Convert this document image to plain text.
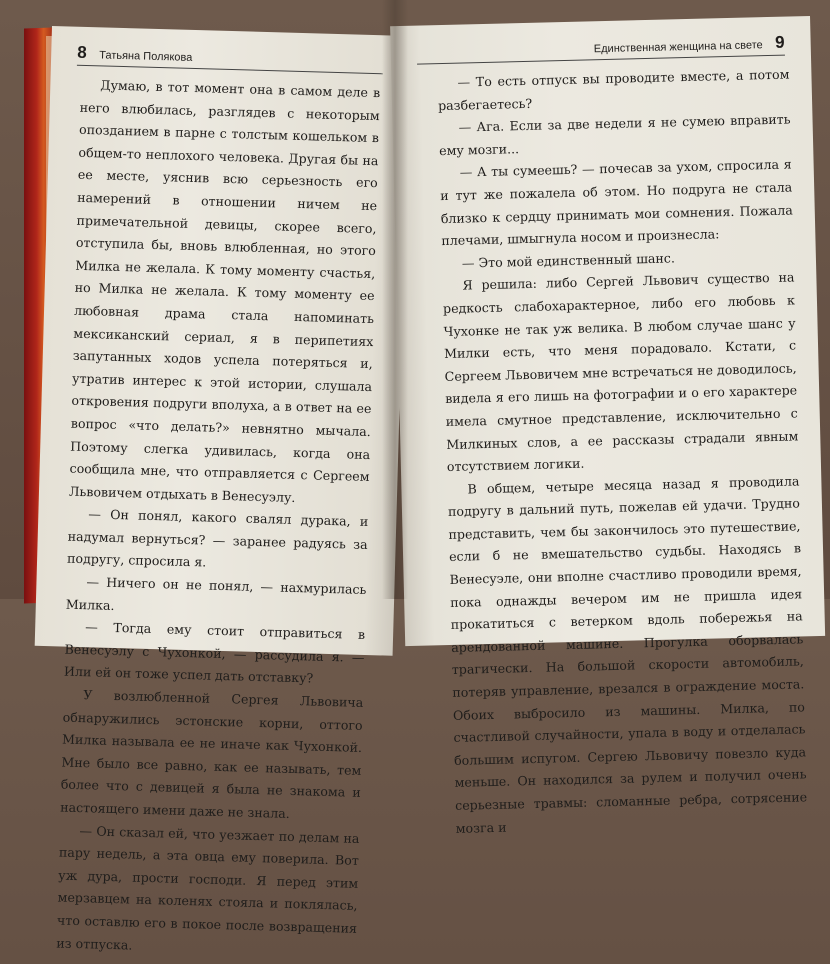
8 Татьяна Полякова

Думаю, в тот момент она в самом деле в него влюбилась, разглядев с некоторым опозданием в парне с толстым кошельком в общем-то неплохого человека. Другая бы на ее месте, уяснив всю серьезность его намерений в отношении ничем не примечательной девицы, скорее всего, отступила бы, вновь влюбленная, но этого Милка не желала. К тому моменту счастья, но Милка не желала. К тому моменту ее любовная драма стала напоминать мексиканский сериал, я в перипетиях запутанных ходов успела потеряться и, утратив интерес к этой истории, слушала откровения подруги вполуха, а в ответ на ее вопрос «что делать?» невнятно мычала. Поэтому слегка удивилась, когда она сообщила мне, что отправляется с Сергеем Львовичем отдыхать в Венесуэлу.

— Он понял, какого свалял дурака, и надумал вернуться? — заранее радуясь за подругу, спросила я.

— Ничего он не понял, — нахмурилась Милка.

— Тогда ему стоит отправиться в Венесуэлу с Чухонкой, — рассудила я. — Или ей он тоже успел дать отставку?

У возлюбленной Сергея Львовича обнаружились эстонские корни, оттого Милка называла ее не иначе как Чухонкой. Мне было все равно, как ее называть, тем более что с девицей я была не знакома и настоящего имени даже не знала.

— Он сказал ей, что уезжает по делам на пару недель, а эта овца ему поверила. Вот уж дура, прости господи. Я перед этим мерзавцем на коленях стояла и поклялась, что оставлю его в покое после возвращения из отпуска.

Единственная женщина на свете 9

— То есть отпуск вы проводите вместе, а потом разбегаетесь?

— Ага. Если за две недели я не сумею вправить ему мозги...

— А ты сумеешь? — почесав за ухом, спросила я и тут же пожалела об этом. Но подруга не стала близко к сердцу принимать мои сомнения. Пожала плечами, шмыгнула носом и произнесла:

— Это мой единственный шанс.

Я решила: либо Сергей Львович существо на редкость слабохарактерное, либо его любовь к Чухонке не так уж велика. В любом случае шанс у Милки есть, что меня порадовало. Кстати, с Сергеем Львовичем мне встречаться не доводилось, видела я его лишь на фотографии и о его характере имела смутное представление, исключительно с Милкиных слов, а ее рассказы страдали явным отсутствием логики.

В общем, четыре месяца назад я проводила подругу в дальний путь, пожелав ей удачи. Трудно представить, чем бы закончилось это путешествие, если б не вмешательство судьбы. Находясь в Венесуэле, они вполне счастливо проводили время, пока однажды вечером им не пришла идея прокатиться с ветерком вдоль побережья на арендованной машине. Прогулка оборвалась трагически. На большой скорости автомобиль, потеряв управление, врезался в ограждение моста. Обоих выбросило из машины. Милка, по счастливой случайности, упала в воду и отделалась большим испугом. Сергею Львовичу повезло куда меньше. Он находился за рулем и получил очень серьезные травмы: сломанные ребра, сотрясение мозга и
